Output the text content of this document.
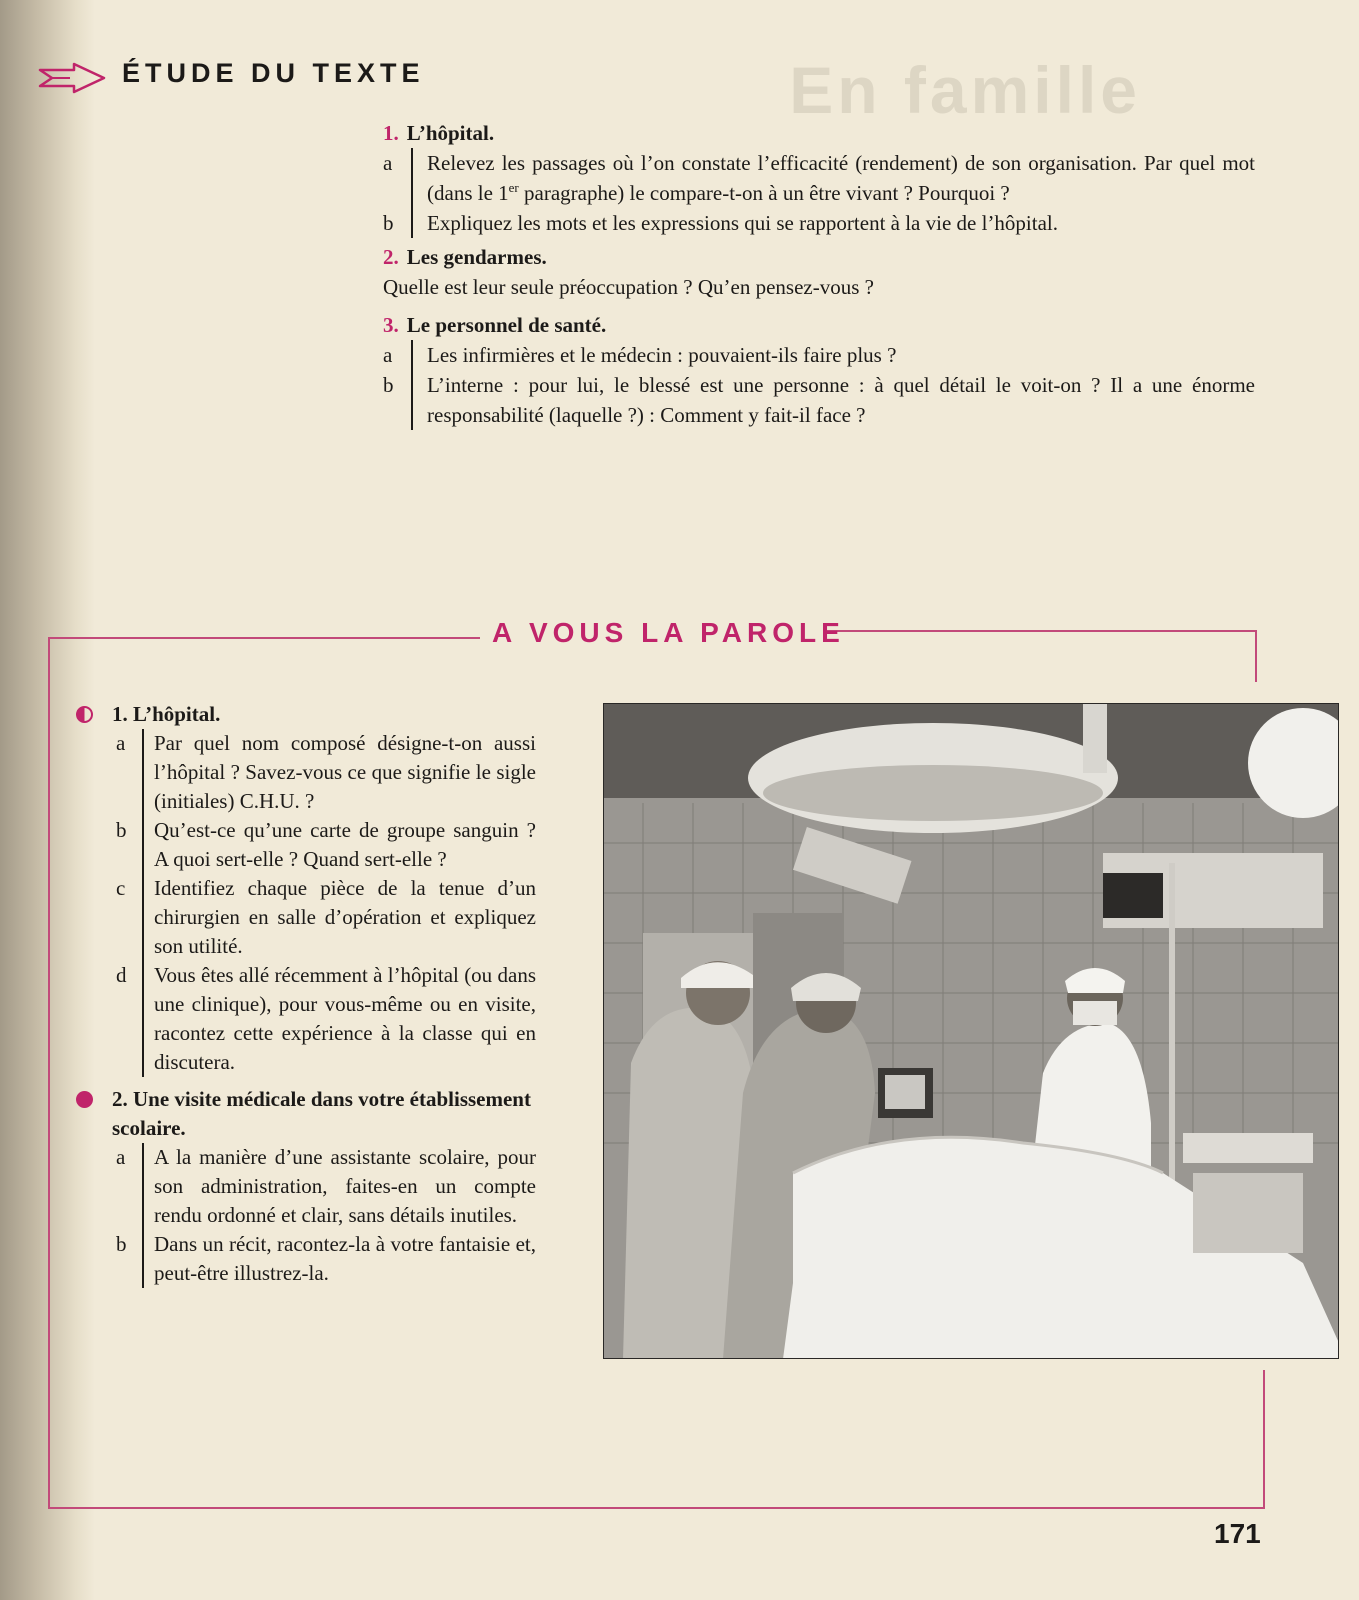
ÉTUDE DU TEXTE	En famille
1. L’hôpital.
a	Relevez les passages où l’on constate l’efficacité (rendement) de son organisation. Par quel mot (dans le 1er paragraphe) le compare-t-on à un être vivant ? Pourquoi ?
b	Expliquez les mots et les expressions qui se rapportent à la vie de l’hôpital.
2. Les gendarmes.
Quelle est leur seule préoccupation ? Qu’en pensez-vous ?
3. Le personnel de santé.
a	Les infirmières et le médecin : pouvaient-ils faire plus ?
b	L’interne : pour lui, le blessé est une personne : à quel détail le voit-on ? Il a une énorme responsabilité (laquelle ?) : Comment y fait-il face ?
A VOUS LA PAROLE
1. L’hôpital.
a	Par quel nom composé désigne-t-on aussi l’hôpital ? Savez-vous ce que signifie le sigle (initiales) C.H.U. ?
b	Qu’est-ce qu’une carte de groupe sanguin ? A quoi sert-elle ? Quand sert-elle ?
c	Identifiez chaque pièce de la tenue d’un chirurgien en salle d’opération et expliquez son utilité.
d	Vous êtes allé récemment à l’hôpital (ou dans une clinique), pour vous-même ou en visite, racontez cette expérience à la classe qui en discutera.
2. Une visite médicale dans votre établissement scolaire.
a	A la manière d’une assistante scolaire, pour son administration, faites-en un compte rendu ordonné et clair, sans détails inutiles.
b	Dans un récit, racontez-la à votre fantaisie et, peut-être illustrez-la.
171
